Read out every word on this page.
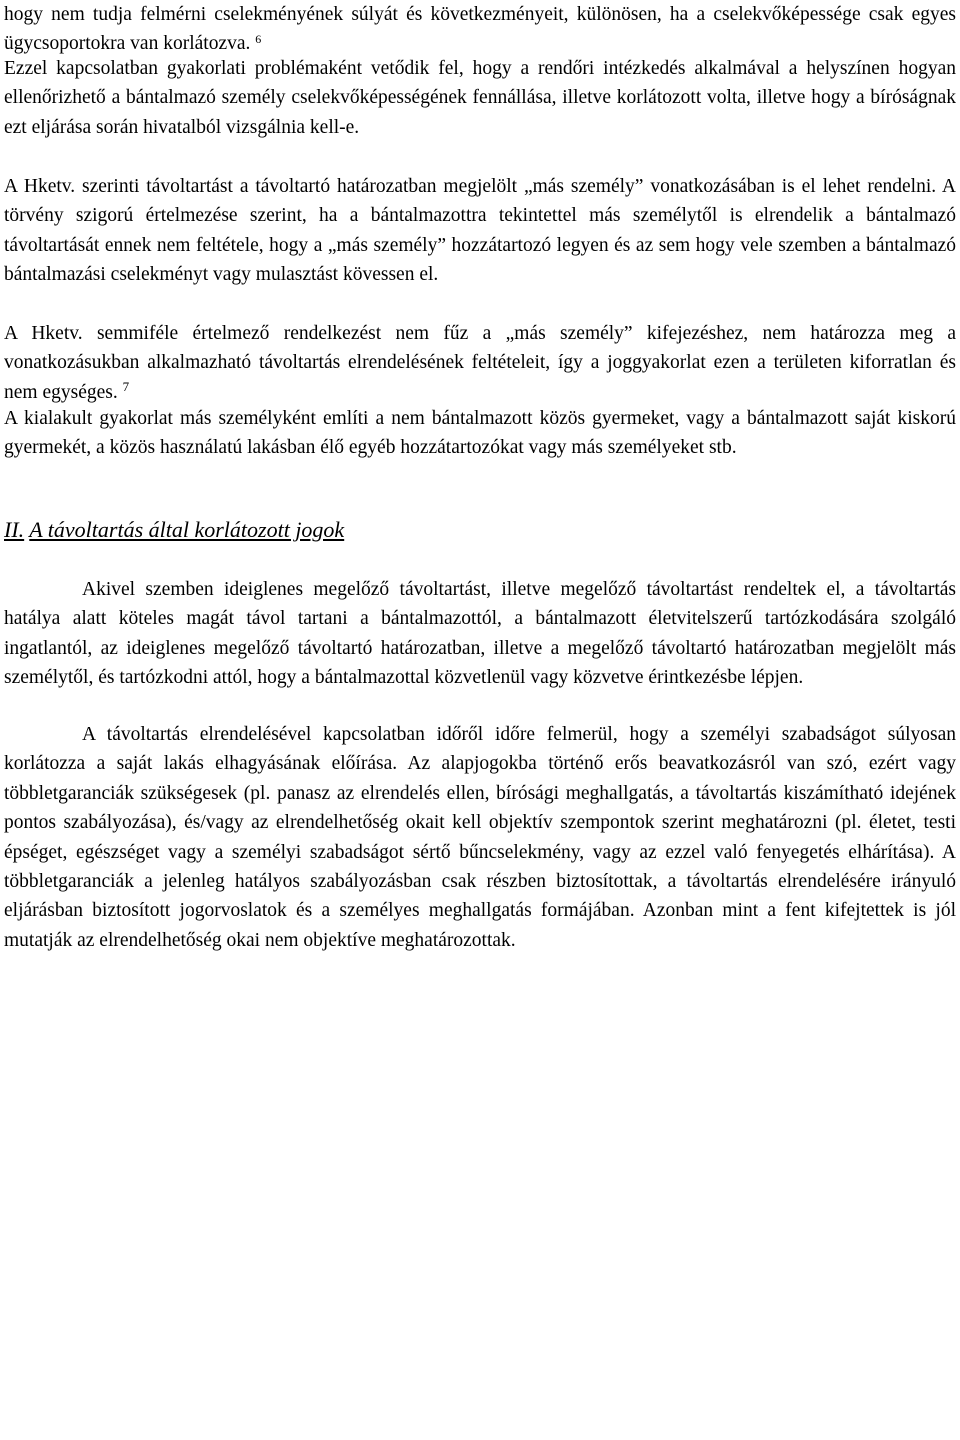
hogy nem tudja felmérni cselekményének súlyát és következményeit, különösen, ha a cselekvőképessége csak egyes ügycsoportokra van korlátozva. $^6$

Ezzel kapcsolatban gyakorlati problémaként vetődik fel, hogy a rendőri intézkedés alkalmával a helyszínen hogyan ellenőrizhető a bántalmazó személy cselekvőképességének fennállása, illetve korlátozott volta, illetve hogy a bíróságnak ezt eljárása során hivatalból vizsgálnia kell-e.

A Hketv. szerinti távoltartást a távoltartó határozatban megjelölt „más személy” vonatkozásában is el lehet rendelni. A törvény szigorú értelmezése szerint, ha a bántalmazottra tekintettel más személytől is elrendelik a bántalmazó távoltartását ennek nem feltétele, hogy a „más személy” hozzátartozó legyen és az sem hogy vele szemben a bántalmazó bántalmazási cselekményt vagy mulasztást kövessen el.

A Hketv. semmiféle értelmező rendelkezést nem fűz a „más személy” kifejezéshez, nem határozza meg a vonatkozásukban alkalmazható távoltartás elrendelésének feltételeit, így a joggyakorlat ezen a területen kiforratlan és nem egységes. $^7$

A kialakult gyakorlat más személyként említi a nem bántalmazott közös gyermeket, vagy a bántalmazott saját kiskorú gyermekét, a közös használatú lakásban élő egyéb hozzátartozókat vagy más személyeket stb.

II. A távoltartás által korlátozott jogok

Akivel szemben ideiglenes megelőző távoltartást, illetve megelőző távoltartást rendeltek el, a távoltartás hatálya alatt köteles magát távol tartani a bántalmazottól, a bántalmazott életvitelszerű tartózkodására szolgáló ingatlantól, az ideiglenes megelőző távoltartó határozatban, illetve a megelőző távoltartó határozatban megjelölt más személytől, és tartózkodni attól, hogy a bántalmazottal közvetlenül vagy közvetve érintkezésbe lépjen.

A távoltartás elrendelésével kapcsolatban időről időre felmerül, hogy a személyi szabadságot súlyosan korlátozza a saját lakás elhagyásának előírása. Az alapjogokba történő erős beavatkozásról van szó, ezért vagy többletgaranciák szükségesek (pl. panasz az elrendelés ellen, bírósági meghallgatás, a távoltartás kiszámítható idejének pontos szabályozása), és/vagy az elrendelhetőség okait kell objektív szempontok szerint meghatározni (pl. életet, testi épséget, egészséget vagy a személyi szabadságot sértő bűncselekmény, vagy az ezzel való fenyegetés elhárítása). A többletgaranciák a jelenleg hatályos szabályozásban csak részben biztosítottak, a távoltartás elrendelésére irányuló eljárásban biztosított jogorvoslatok és a személyes meghallgatás formájában. Azonban mint a fent kifejtettek is jól mutatják az elrendelhetőség okai nem objektíve meghatározottak.
